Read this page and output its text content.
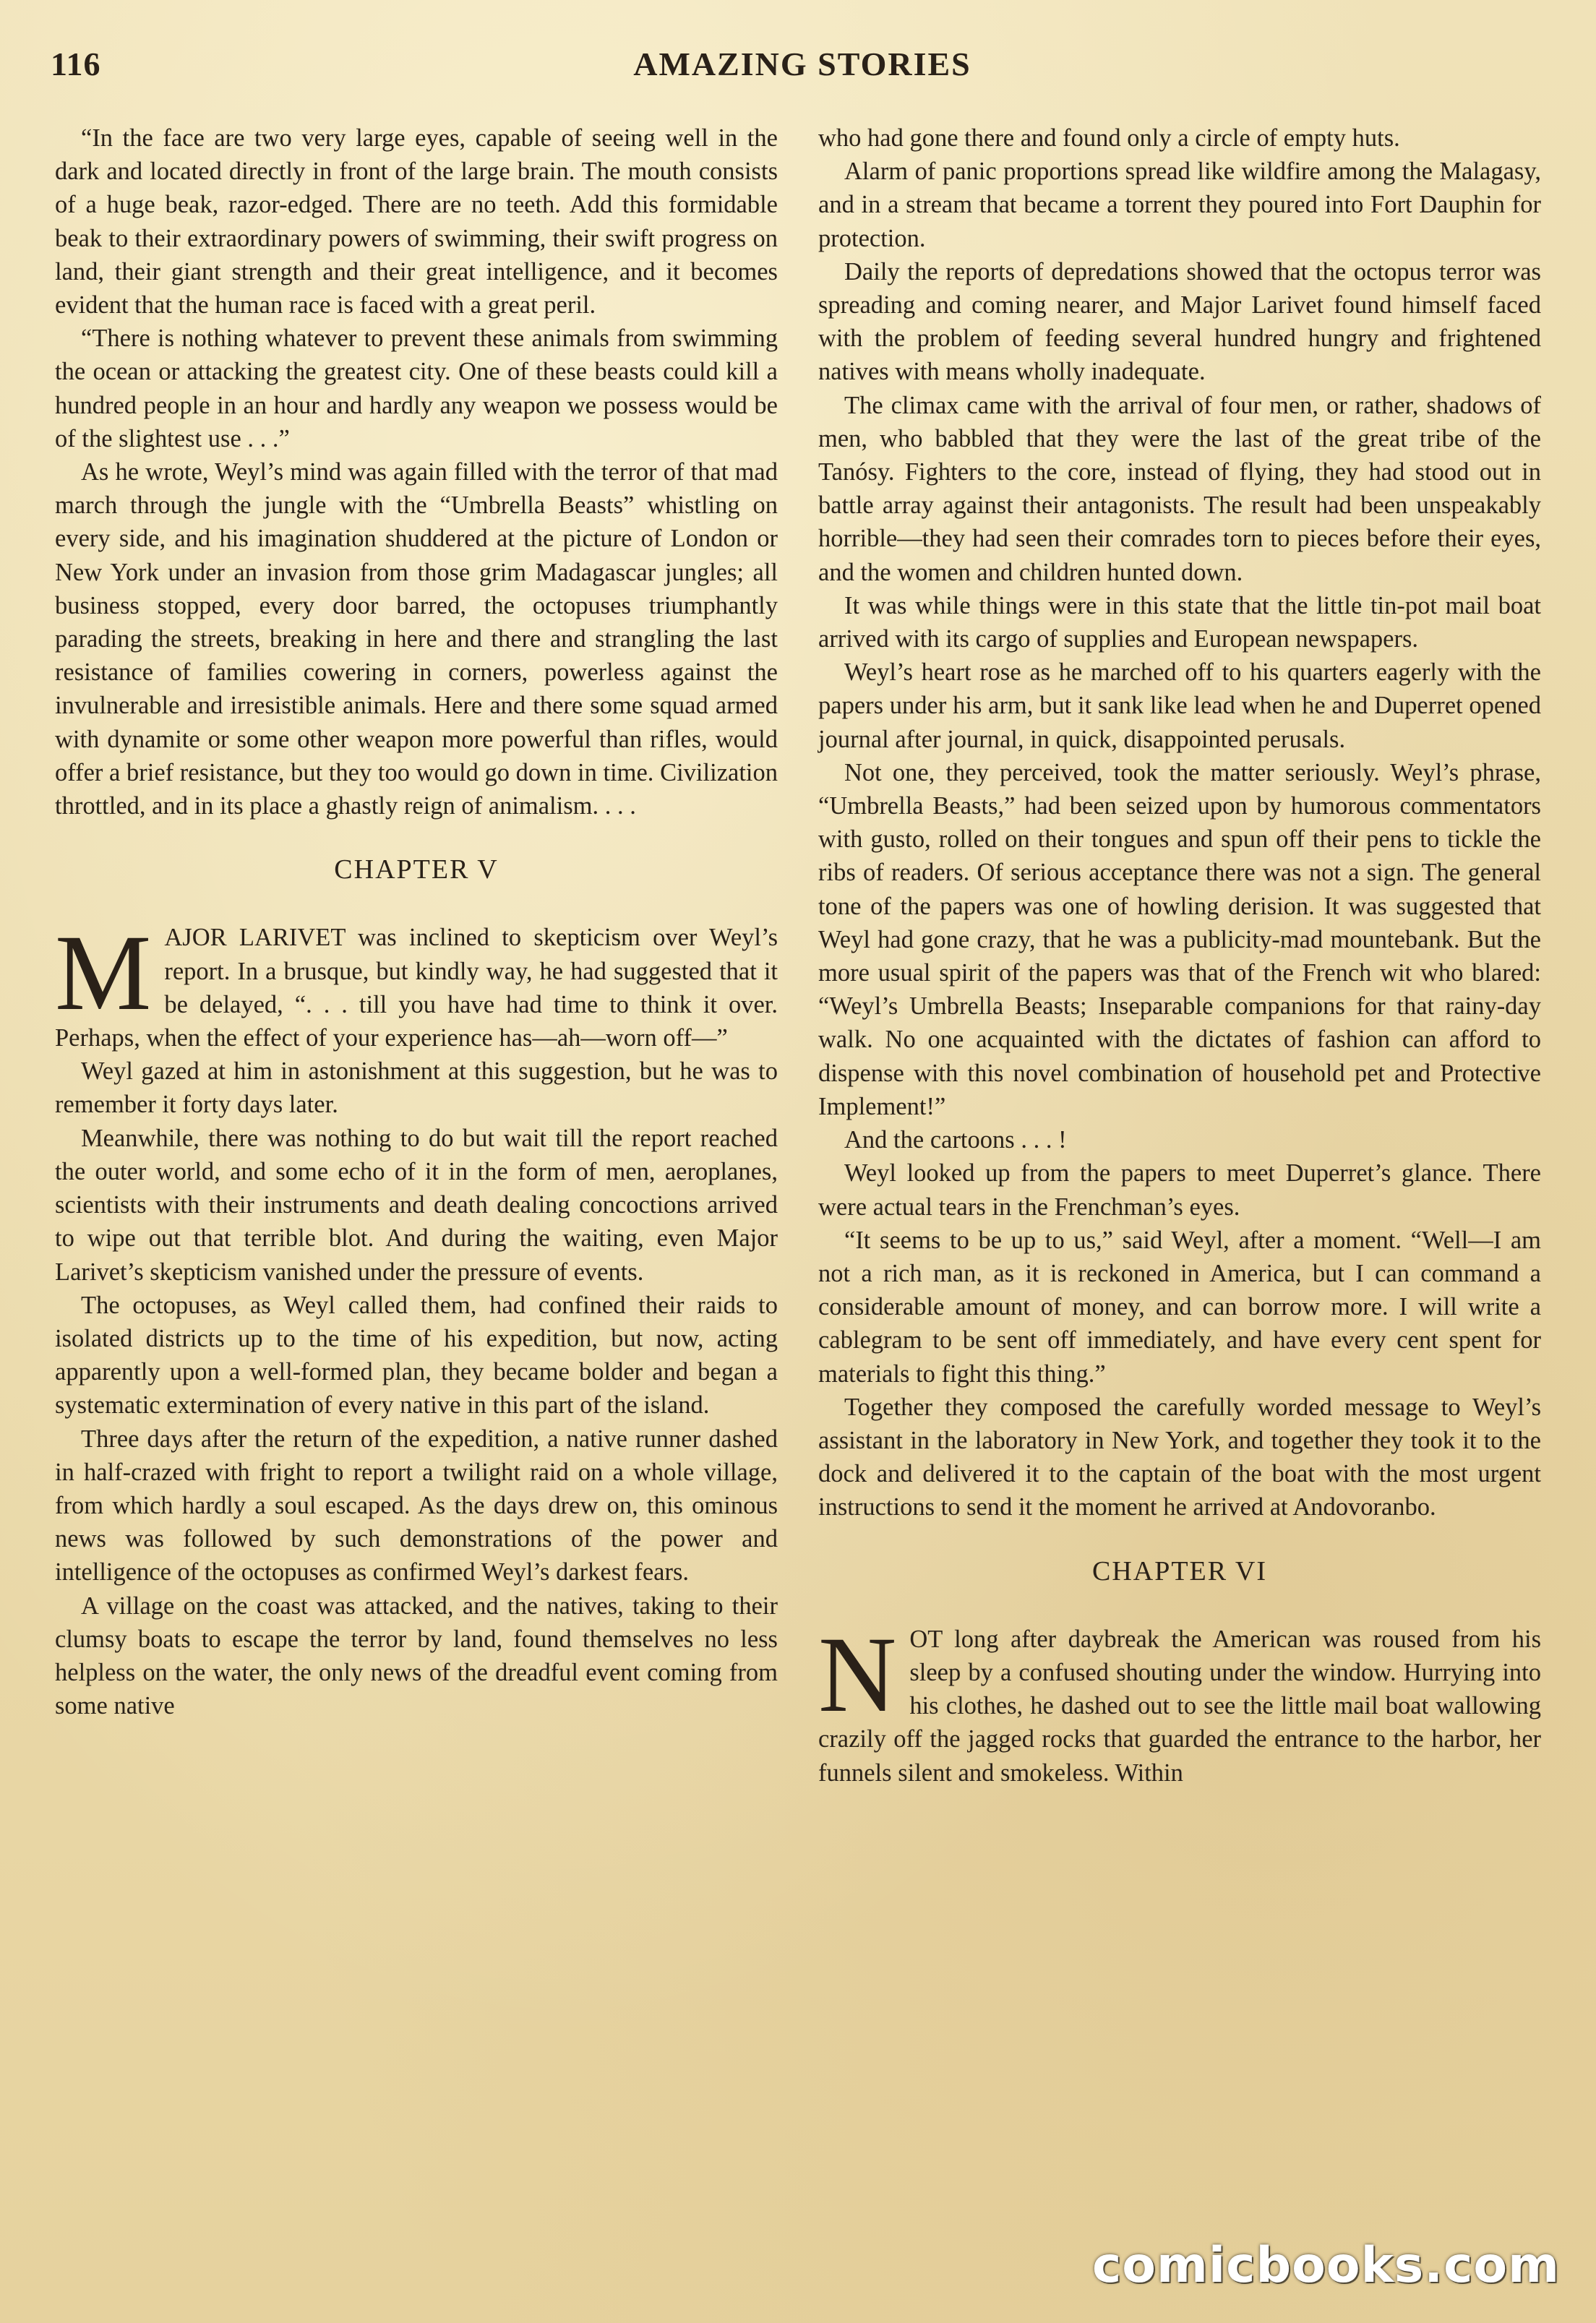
116	AMAZING STORIES

“In the face are two very large eyes, capable of seeing well in the dark and located directly in front of the large brain. The mouth consists of a huge beak, razor-edged. There are no teeth. Add this formidable beak to their extraordinary powers of swimming, their swift progress on land, their giant strength and their great intelligence, and it becomes evident that the human race is faced with a great peril.

“There is nothing whatever to prevent these animals from swimming the ocean or attacking the greatest city. One of these beasts could kill a hundred people in an hour and hardly any weapon we possess would be of the slightest use . . .”

As he wrote, Weyl’s mind was again filled with the terror of that mad march through the jungle with the “Umbrella Beasts” whistling on every side, and his imagination shuddered at the picture of London or New York under an invasion from those grim Madagascar jungles; all business stopped, every door barred, the octopuses triumphantly parading the streets, breaking in here and there and strangling the last resistance of families cowering in corners, powerless against the invulnerable and irresistible animals. Here and there some squad armed with dynamite or some other weapon more powerful than rifles, would offer a brief resistance, but they too would go down in time. Civilization throttled, and in its place a ghastly reign of animalism. . . .

CHAPTER V

MAJOR LARIVET was inclined to skepticism over Weyl’s report. In a brusque, but kindly way, he had suggested that it be delayed, “. . . till you have had time to think it over. Perhaps, when the effect of your experience has—ah—worn off—”

Weyl gazed at him in astonishment at this suggestion, but he was to remember it forty days later.

Meanwhile, there was nothing to do but wait till the report reached the outer world, and some echo of it in the form of men, aeroplanes, scientists with their instruments and death dealing concoctions arrived to wipe out that terrible blot. And during the waiting, even Major Larivet’s skepticism vanished under the pressure of events.

The octopuses, as Weyl called them, had confined their raids to isolated districts up to the time of his expedition, but now, acting apparently upon a well-formed plan, they became bolder and began a systematic extermination of every native in this part of the island.

Three days after the return of the expedition, a native runner dashed in half-crazed with fright to report a twilight raid on a whole village, from which hardly a soul escaped. As the days drew on, this ominous news was followed by such demonstrations of the power and intelligence of the octopuses as confirmed Weyl’s darkest fears.

A village on the coast was attacked, and the natives, taking to their clumsy boats to escape the terror by land, found themselves no less helpless on the water, the only news of the dreadful event coming from some native

who had gone there and found only a circle of empty huts.

Alarm of panic proportions spread like wildfire among the Malagasy, and in a stream that became a torrent they poured into Fort Dauphin for protection.

Daily the reports of depredations showed that the octopus terror was spreading and coming nearer, and Major Larivet found himself faced with the problem of feeding several hundred hungry and frightened natives with means wholly inadequate.

The climax came with the arrival of four men, or rather, shadows of men, who babbled that they were the last of the great tribe of the Tanósy. Fighters to the core, instead of flying, they had stood out in battle array against their antagonists. The result had been unspeakably horrible—they had seen their comrades torn to pieces before their eyes, and the women and children hunted down.

It was while things were in this state that the little tin-pot mail boat arrived with its cargo of supplies and European newspapers.

Weyl’s heart rose as he marched off to his quarters eagerly with the papers under his arm, but it sank like lead when he and Duperret opened journal after journal, in quick, disappointed perusals.

Not one, they perceived, took the matter seriously. Weyl’s phrase, “Umbrella Beasts,” had been seized upon by humorous commentators with gusto, rolled on their tongues and spun off their pens to tickle the ribs of readers. Of serious acceptance there was not a sign. The general tone of the papers was one of howling derision. It was suggested that Weyl had gone crazy, that he was a publicity-mad mountebank. But the more usual spirit of the papers was that of the French wit who blared: “Weyl’s Umbrella Beasts; Inseparable companions for that rainy-day walk. No one acquainted with the dictates of fashion can afford to dispense with this novel combination of household pet and Protective Implement!”

And the cartoons . . . !

Weyl looked up from the papers to meet Duperret’s glance. There were actual tears in the Frenchman’s eyes.

“It seems to be up to us,” said Weyl, after a moment. “Well—I am not a rich man, as it is reckoned in America, but I can command a considerable amount of money, and can borrow more. I will write a cablegram to be sent off immediately, and have every cent spent for materials to fight this thing.”

Together they composed the carefully worded message to Weyl’s assistant in the laboratory in New York, and together they took it to the dock and delivered it to the captain of the boat with the most urgent instructions to send it the moment he arrived at Andovoranbo.

CHAPTER VI

NOT long after daybreak the American was roused from his sleep by a confused shouting under the window. Hurrying into his clothes, he dashed out to see the little mail boat wallowing crazily off the jagged rocks that guarded the entrance to the harbor, her funnels silent and smokeless. Within

comicbooks.com
